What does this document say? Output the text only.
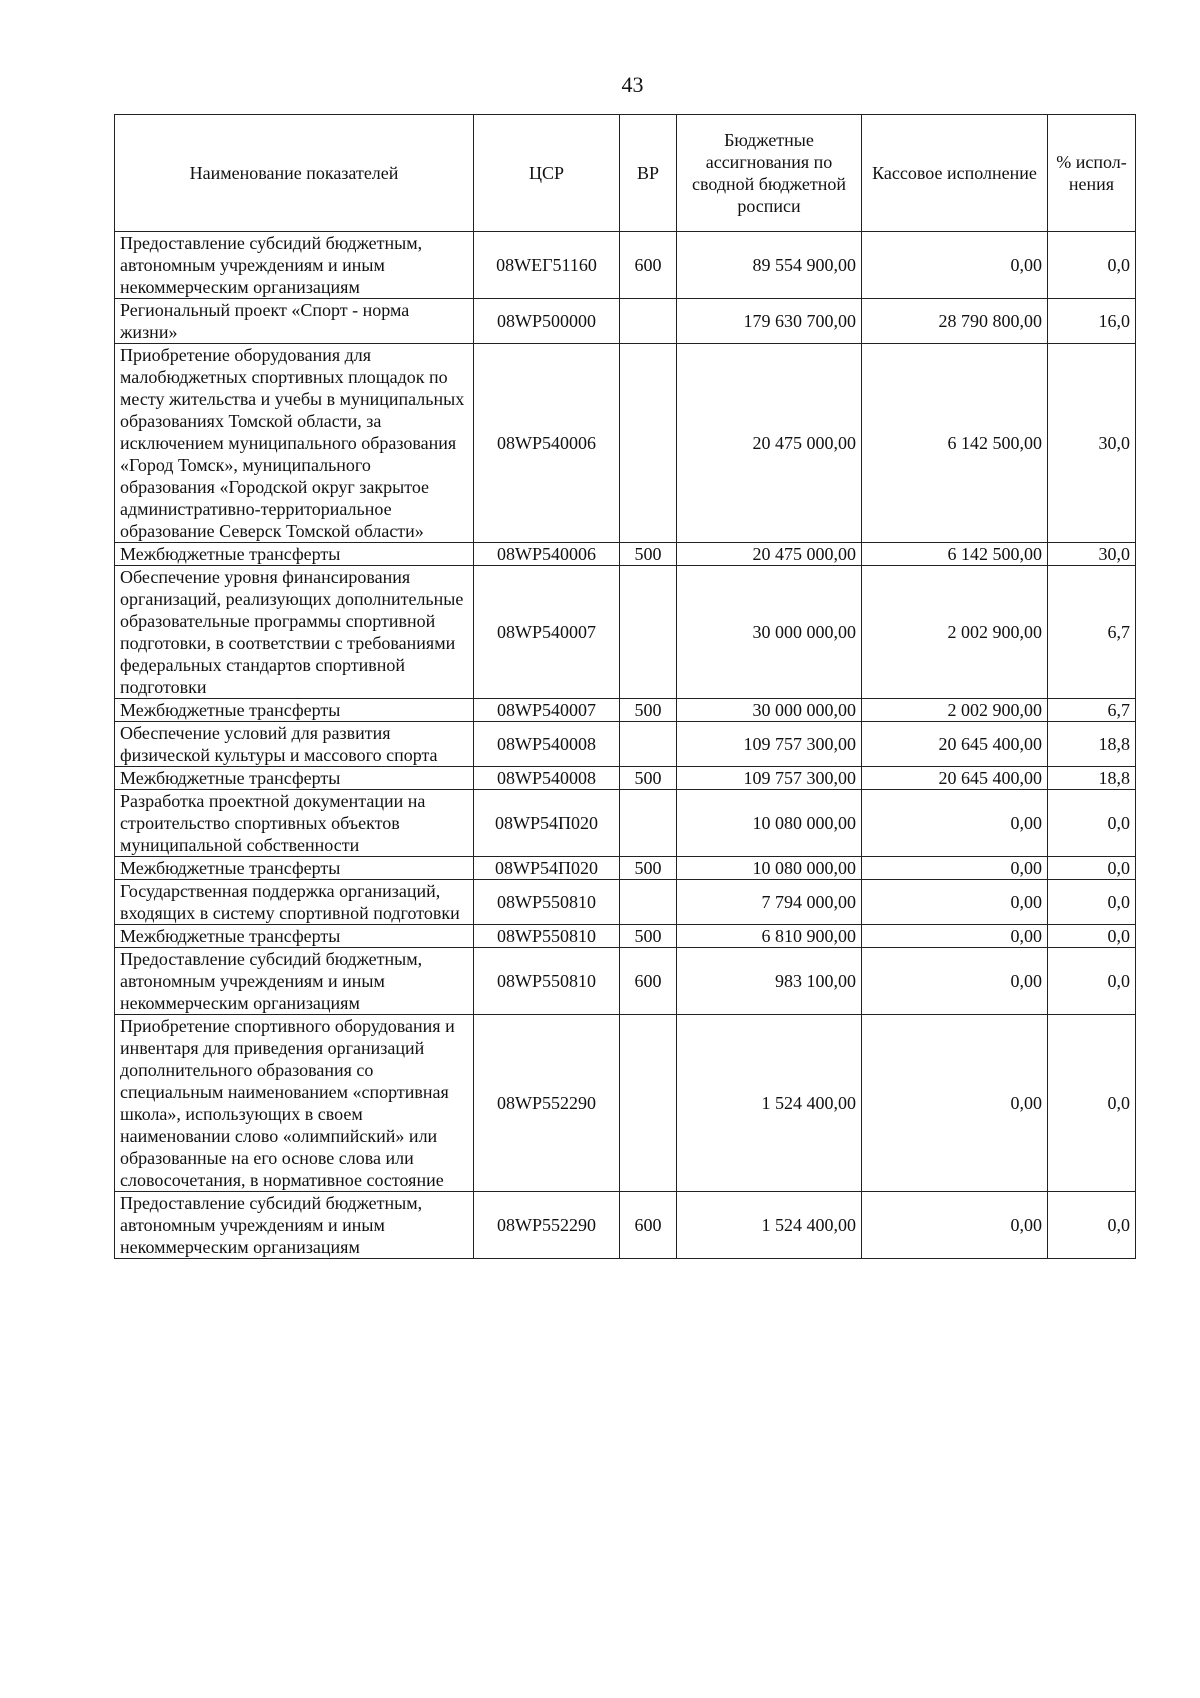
43
Наименование показателей	ЦСР	ВР	Бюджетные ассигнования по сводной бюджетной росписи	Кассовое исполнение	% испол-нения
Предоставление субсидий бюджетным, автономным учреждениям и иным некоммерческим организациям	08WЕГ51160	600	89 554 900,00	0,00	0,0
Региональный проект «Спорт - норма жизни»	08WР500000		179 630 700,00	28 790 800,00	16,0
Приобретение оборудования для малобюджетных спортивных площадок по месту жительства и учебы в муниципальных образованиях Томской области, за исключением муниципального образования «Город Томск», муниципального образования «Городской округ закрытое административно-территориальное образование Северск Томской области»	08WР540006		20 475 000,00	6 142 500,00	30,0
Межбюджетные трансферты	08WР540006	500	20 475 000,00	6 142 500,00	30,0
Обеспечение уровня финансирования организаций, реализующих дополнительные образовательные программы спортивной подготовки, в соответствии с требованиями федеральных стандартов спортивной подготовки	08WР540007		30 000 000,00	2 002 900,00	6,7
Межбюджетные трансферты	08WР540007	500	30 000 000,00	2 002 900,00	6,7
Обеспечение условий для развития физической культуры и массового спорта	08WР540008		109 757 300,00	20 645 400,00	18,8
Межбюджетные трансферты	08WР540008	500	109 757 300,00	20 645 400,00	18,8
Разработка проектной документации на строительство спортивных объектов муниципальной собственности	08WР54П020		10 080 000,00	0,00	0,0
Межбюджетные трансферты	08WР54П020	500	10 080 000,00	0,00	0,0
Государственная поддержка организаций, входящих в систему спортивной подготовки	08WР550810		7 794 000,00	0,00	0,0
Межбюджетные трансферты	08WР550810	500	6 810 900,00	0,00	0,0
Предоставление субсидий бюджетным, автономным учреждениям и иным некоммерческим организациям	08WР550810	600	983 100,00	0,00	0,0
Приобретение спортивного оборудования и инвентаря для приведения организаций дополнительного образования со специальным наименованием «спортивная школа», использующих в своем наименовании слово «олимпийский» или образованные на его основе слова или словосочетания, в нормативное состояние	08WР552290		1 524 400,00	0,00	0,0
Предоставление субсидий бюджетным, автономным учреждениям и иным некоммерческим организациям	08WР552290	600	1 524 400,00	0,00	0,0
